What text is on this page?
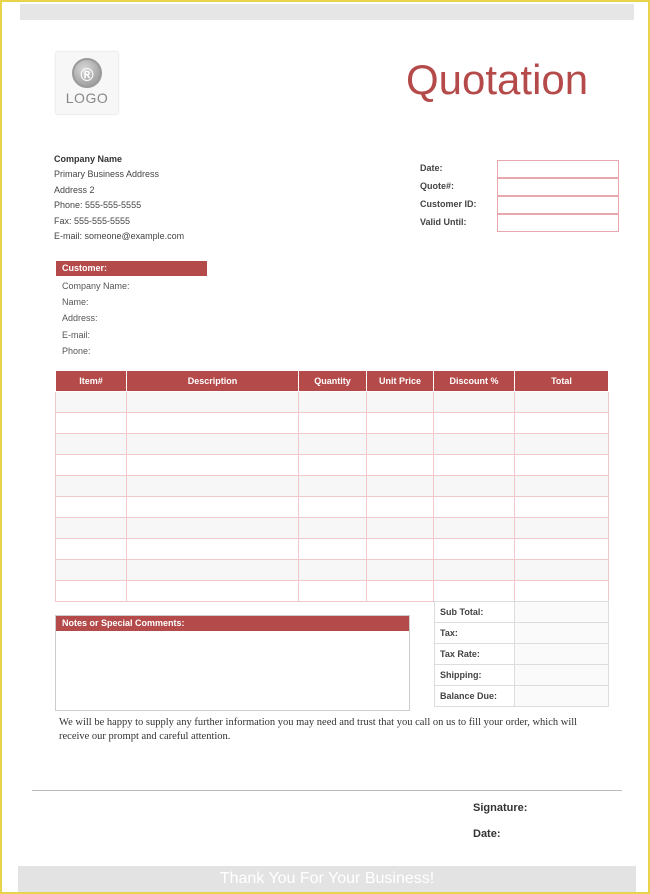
®
LOGO	Quotation
Company Name
Primary Business Address
Address 2
Phone: 555-555-5555
Fax: 555-555-5555
E-mail: someone@example.com
Date:
Quote#:
Customer ID:
Valid Until:
Customer:
Company Name:
Name:
Address:
E-mail:
Phone:
Item#	Description	Quantity	Unit Price	Discount %	Total

Notes or Special Comments:
Sub Total:	
Tax:	
Tax Rate:	
Shipping:	
Balance Due:	
We will be happy to supply any further information you may need and trust that you call on us to fill your order, which will receive our prompt and careful attention.
Signature:
Date:
Thank You For Your Business!
